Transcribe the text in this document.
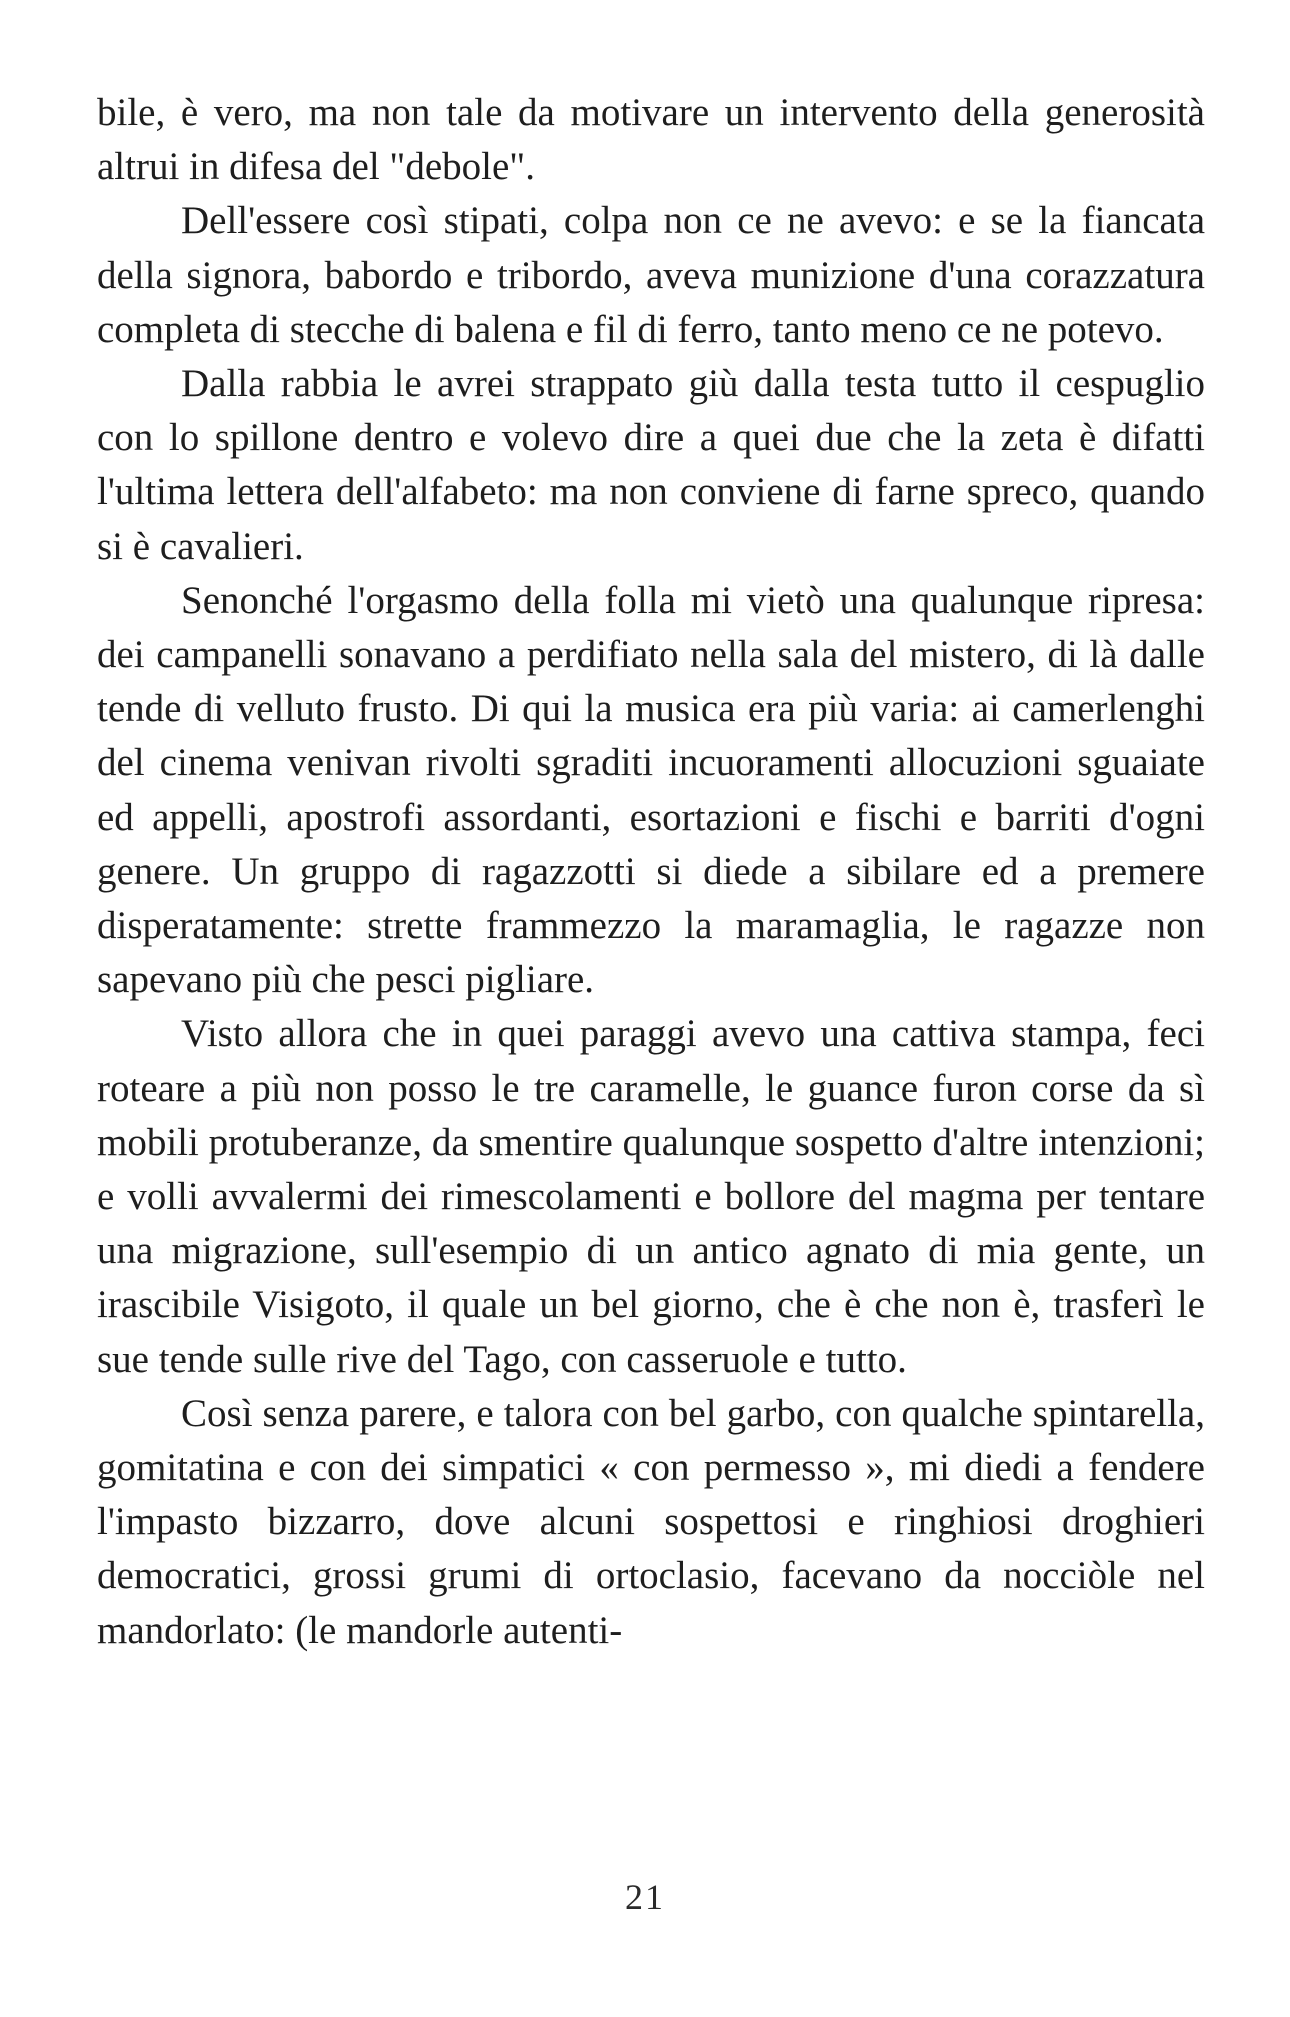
bile, è vero, ma non tale da motivare un intervento della generosità altrui in difesa del "debole".

Dell'essere così stipati, colpa non ce ne avevo: e se la fiancata della signora, babordo e tribordo, aveva munizione d'una corazzatura completa di stecche di balena e fil di ferro, tanto meno ce ne potevo.

Dalla rabbia le avrei strappato giù dalla testa tutto il cespuglio con lo spillone dentro e volevo dire a quei due che la zeta è difatti l'ultima lettera dell'alfabeto: ma non conviene di farne spreco, quando si è cavalieri.

Senonché l'orgasmo della folla mi vietò una qualunque ripresa: dei campanelli sonavano a perdifiato nella sala del mistero, di là dalle tende di velluto frusto. Di qui la musica era più varia: ai camerlenghi del cinema venivan rivolti sgraditi incuoramenti allocuzioni sguaiate ed appelli, apostrofi assordanti, esortazioni e fischi e barriti d'ogni genere. Un gruppo di ragazzotti si diede a sibilare ed a premere disperatamente: strette frammezzo la maramaglia, le ragazze non sapevano più che pesci pigliare.

Visto allora che in quei paraggi avevo una cattiva stampa, feci roteare a più non posso le tre caramelle, le guance furon corse da sì mobili protuberanze, da smentire qualunque sospetto d'altre intenzioni; e volli avvalermi dei rimescolamenti e bollore del magma per tentare una migrazione, sull'esempio di un antico agnato di mia gente, un irascibile Visigoto, il quale un bel giorno, che è che non è, trasferì le sue tende sulle rive del Tago, con casseruole e tutto.

Così senza parere, e talora con bel garbo, con qualche spintarella, gomitatina e con dei simpatici « con permesso », mi diedi a fendere l'impasto bizzarro, dove alcuni sospettosi e ringhiosi droghieri democratici, grossi grumi di ortoclasio, facevano da nocciòle nel mandorlato: (le mandorle autenti-

21
